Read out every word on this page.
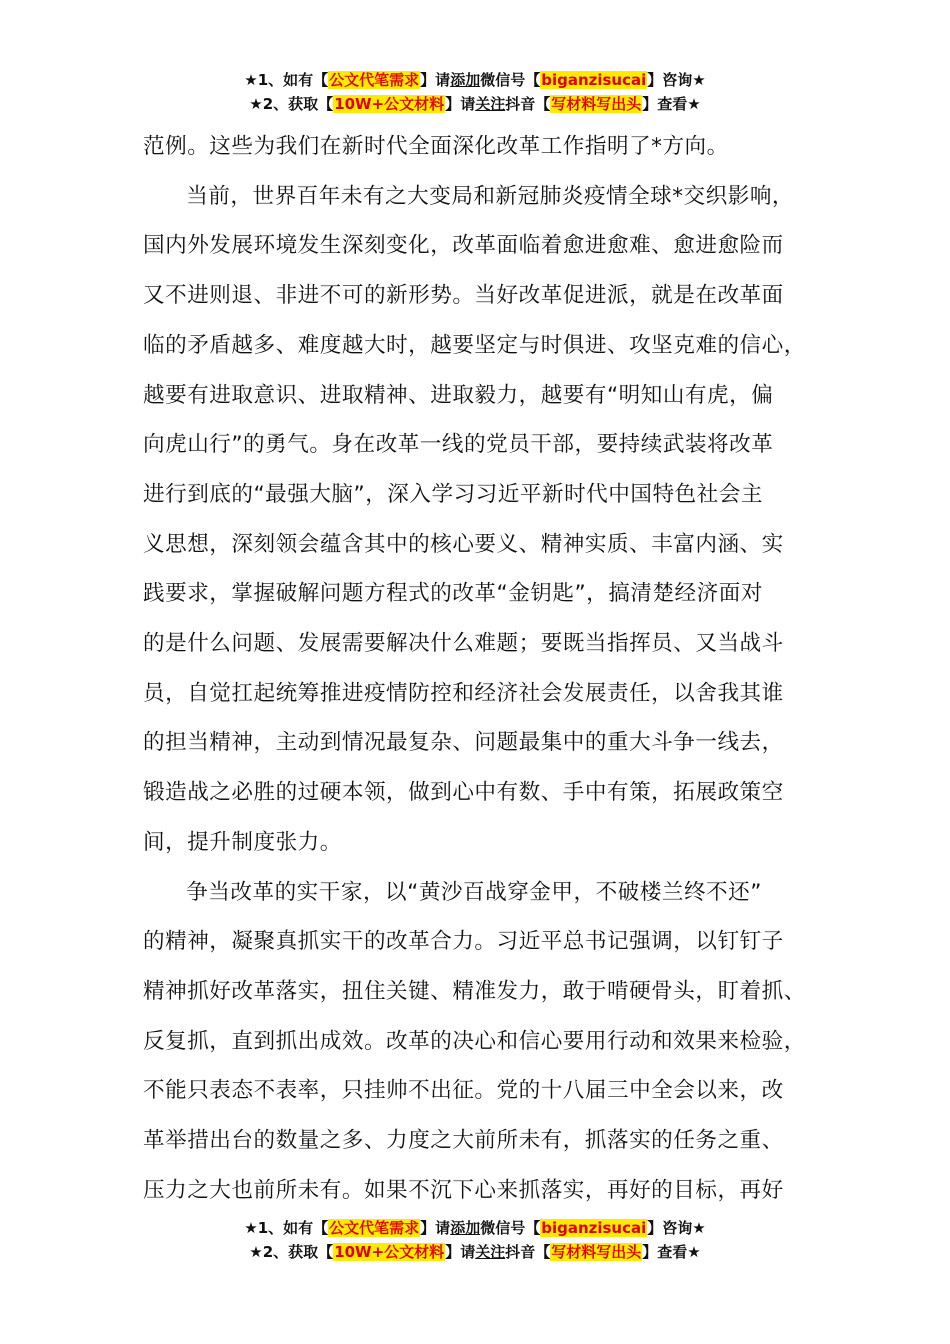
★1、如有【公文代笔需求】请添加微信号【biganzisucai】咨询★
★2、获取【10W+公文材料】请关注抖音【写材料写出头】查看★

范例。这些为我们在新时代全面深化改革工作指明了*方向。

当前，世界百年未有之大变局和新冠肺炎疫情全球*交织影响，
国内外发展环境发生深刻变化，改革面临着愈进愈难、愈进愈险而
又不进则退、非进不可的新形势。当好改革促进派，就是在改革面
临的矛盾越多、难度越大时，越要坚定与时俱进、攻坚克难的信心，
越要有进取意识、进取精神、进取毅力，越要有“明知山有虎，偏
向虎山行”的勇气。身在改革一线的党员干部，要持续武装将改革
进行到底的“最强大脑”，深入学习习近平新时代中国特色社会主
义思想，深刻领会蕴含其中的核心要义、精神实质、丰富内涵、实
践要求，掌握破解问题方程式的改革“金钥匙”，搞清楚经济面对
的是什么问题、发展需要解决什么难题；要既当指挥员、又当战斗
员，自觉扛起统筹推进疫情防控和经济社会发展责任，以舍我其谁
的担当精神，主动到情况最复杂、问题最集中的重大斗争一线去，
锻造战之必胜的过硬本领，做到心中有数、手中有策，拓展政策空
间，提升制度张力。

争当改革的实干家，以“黄沙百战穿金甲，不破楼兰终不还”
的精神，凝聚真抓实干的改革合力。习近平总书记强调，以钉钉子
精神抓好改革落实，扭住关键、精准发力，敢于啃硬骨头，盯着抓、
反复抓，直到抓出成效。改革的决心和信心要用行动和效果来检验，
不能只表态不表率，只挂帅不出征。党的十八届三中全会以来，改
革举措出台的数量之多、力度之大前所未有，抓落实的任务之重、
压力之大也前所未有。如果不沉下心来抓落实，再好的目标，再好

★1、如有【公文代笔需求】请添加微信号【biganzisucai】咨询★
★2、获取【10W+公文材料】请关注抖音【写材料写出头】查看★
